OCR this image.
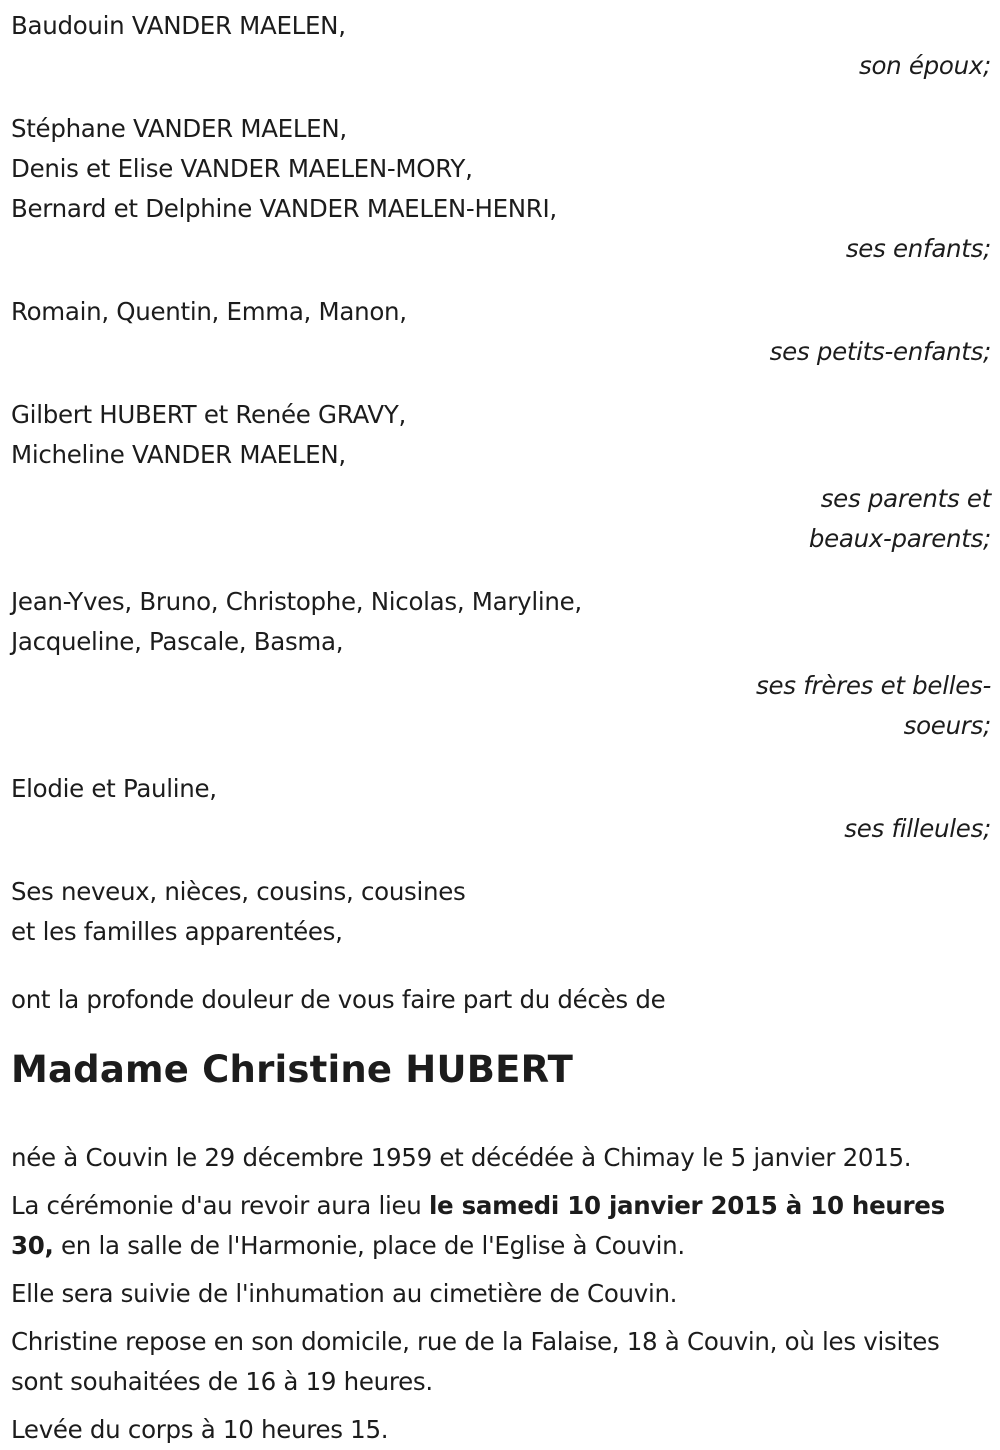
Baudouin VANDER MAELEN,
son époux;
Stéphane VANDER MAELEN,
Denis et Elise VANDER MAELEN-MORY,
Bernard et Delphine VANDER MAELEN-HENRI,
ses enfants;
Romain, Quentin, Emma, Manon,
ses petits-enfants;
Gilbert HUBERT et Renée GRAVY,
Micheline VANDER MAELEN,
ses parents et
beaux-parents;
Jean-Yves, Bruno, Christophe, Nicolas, Maryline,
Jacqueline, Pascale, Basma,
ses frères et belles-
soeurs;
Elodie et Pauline,
ses filleules;
Ses neveux, nièces, cousins, cousines
et les familles apparentées,
ont la profonde douleur de vous faire part du décès de
Madame Christine HUBERT

née à Couvin le 29 décembre 1959 et décédée à Chimay le 5 janvier 2015.

La cérémonie d'au revoir aura lieu le samedi 10 janvier 2015 à 10 heures 30, en la salle de l'Harmonie, place de l'Eglise à Couvin.

Elle sera suivie de l'inhumation au cimetière de Couvin.

Christine repose en son domicile, rue de la Falaise, 18 à Couvin, où les visites sont souhaitées de 16 à 19 heures.

Levée du corps à 10 heures 15.
